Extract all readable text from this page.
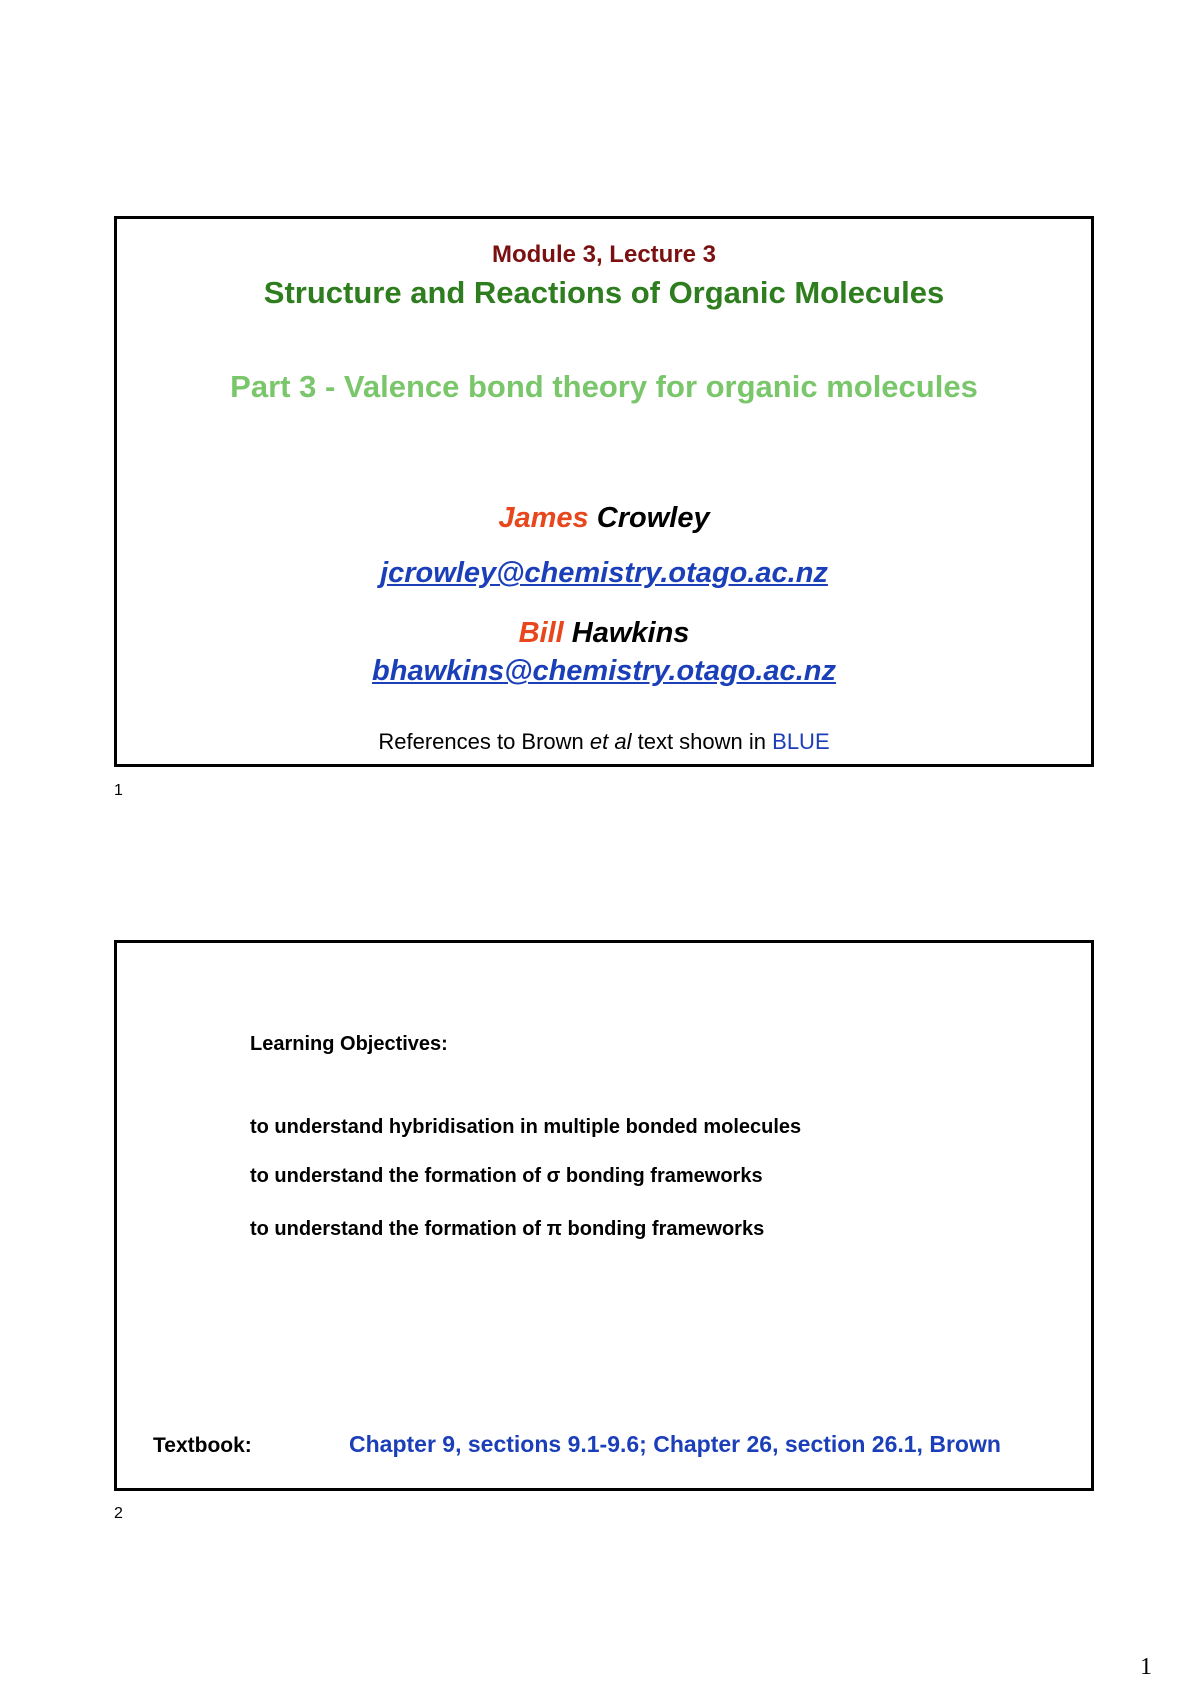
Module 3, Lecture 3
Structure and Reactions of Organic Molecules
Part 3 - Valence bond theory for organic molecules
James Crowley
jcrowley@chemistry.otago.ac.nz
Bill Hawkins
bhawkins@chemistry.otago.ac.nz
References to Brown et al text shown in BLUE
1
Learning Objectives:
to understand hybridisation in multiple bonded molecules
to understand the formation of σ bonding frameworks
to understand the formation of π bonding frameworks
Textbook:	Chapter 9, sections 9.1-9.6; Chapter 26, section 26.1, Brown
2
1
